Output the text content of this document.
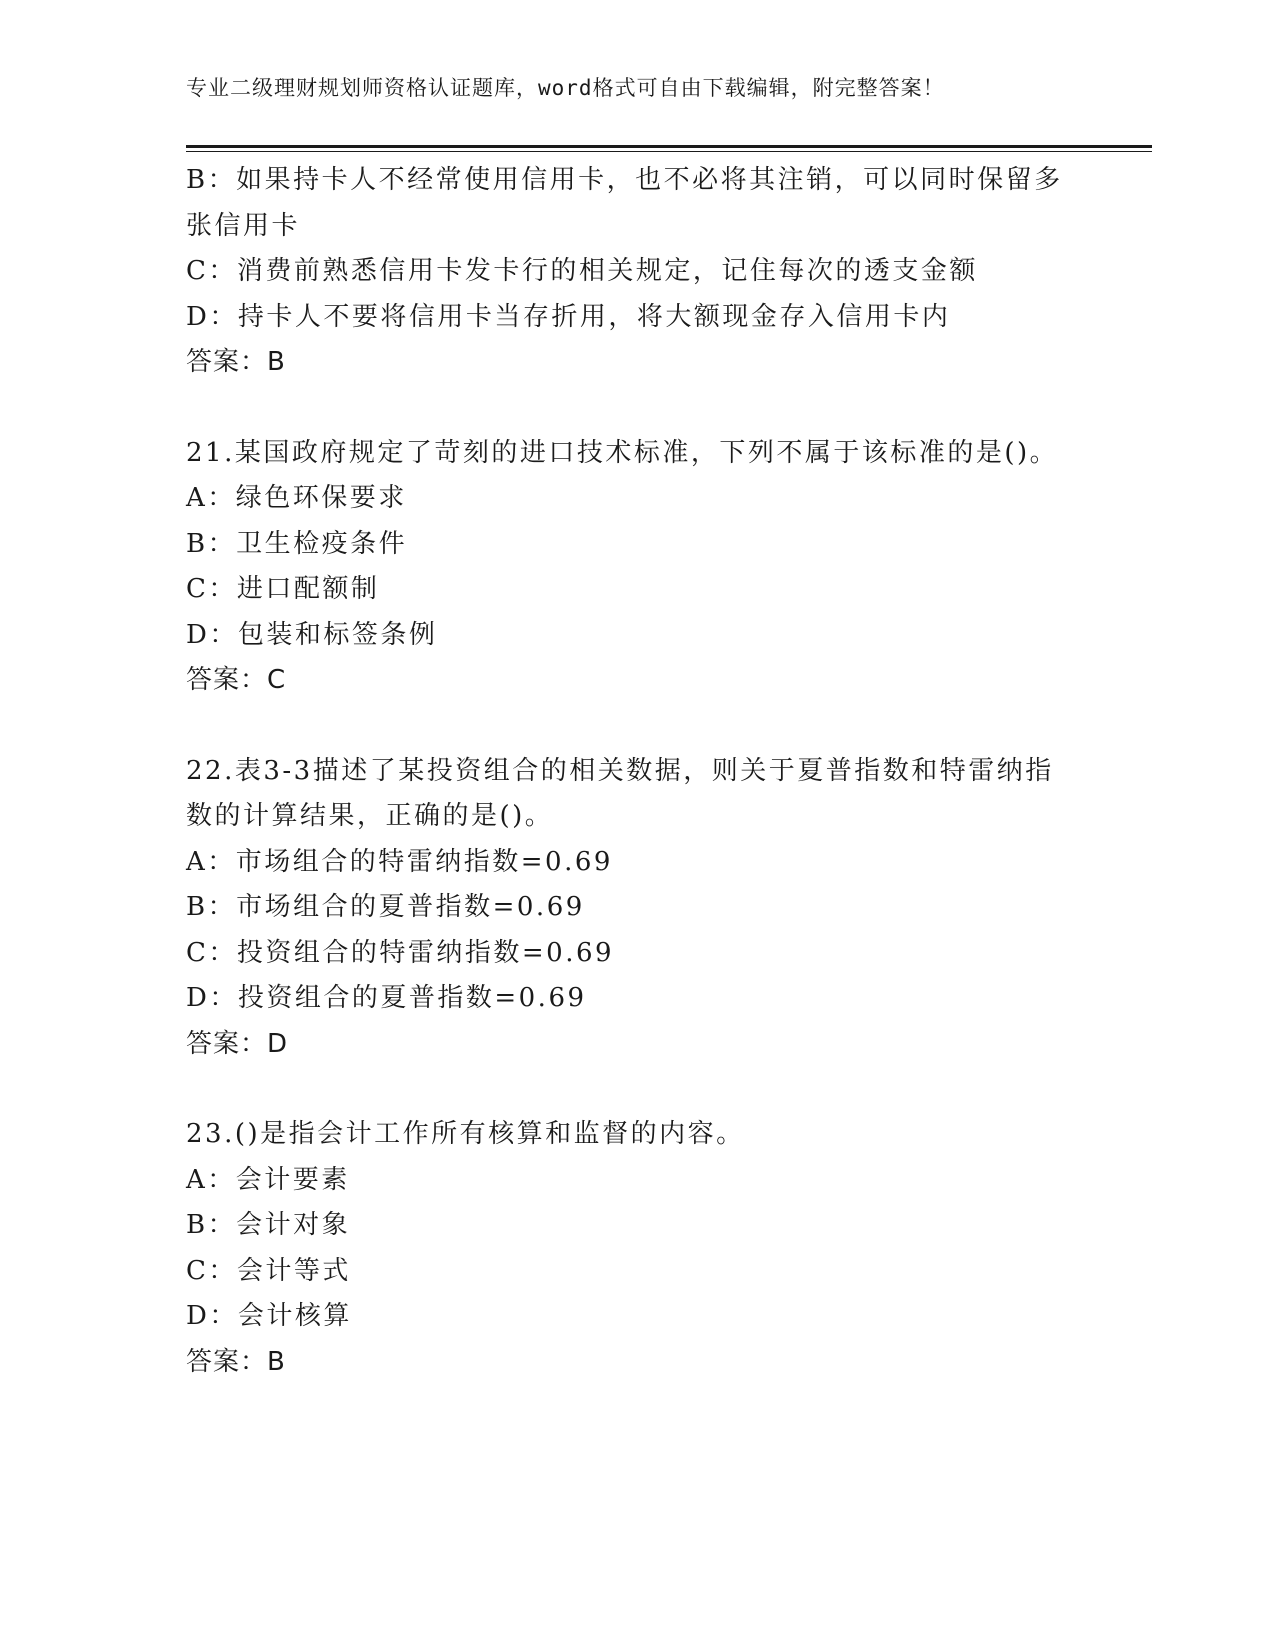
专业二级理财规划师资格认证题库，word格式可自由下载编辑，附完整答案！
B：如果持卡人不经常使用信用卡，也不必将其注销，可以同时保留多
张信用卡
C：消费前熟悉信用卡发卡行的相关规定，记住每次的透支金额
D：持卡人不要将信用卡当存折用，将大额现金存入信用卡内
答案：B
21.某国政府规定了苛刻的进口技术标准，下列不属于该标准的是()。
A：绿色环保要求
B：卫生检疫条件
C：进口配额制
D：包装和标签条例
答案：C
22.表3-3描述了某投资组合的相关数据，则关于夏普指数和特雷纳指
数的计算结果，正确的是()。
A：市场组合的特雷纳指数=0.69
B：市场组合的夏普指数=0.69
C：投资组合的特雷纳指数=0.69
D：投资组合的夏普指数=0.69
答案：D
23.()是指会计工作所有核算和监督的内容。
A：会计要素
B：会计对象
C：会计等式
D：会计核算
答案：B
